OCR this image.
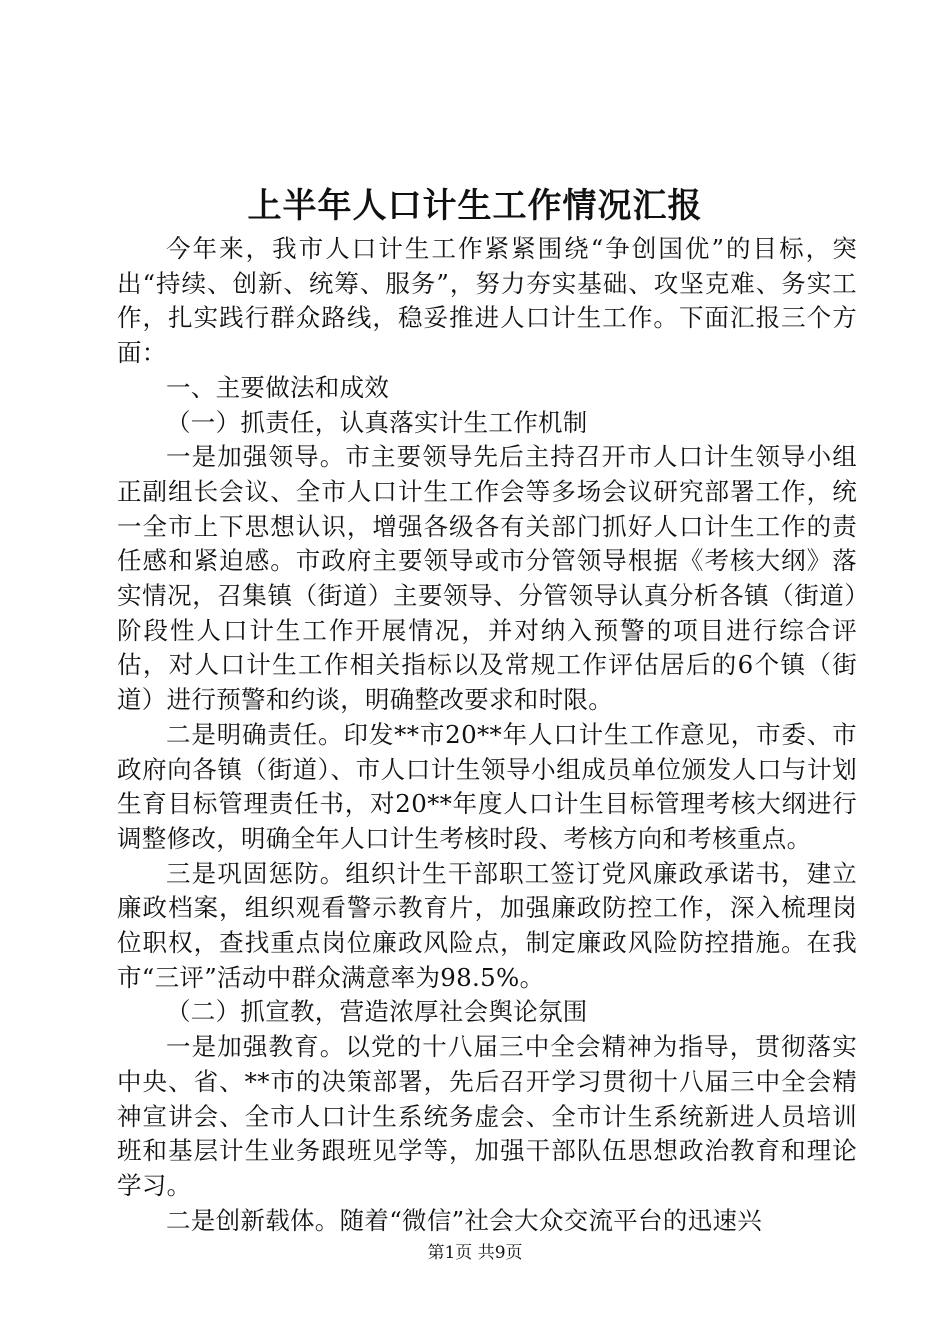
上半年人口计生工作情况汇报

今年来，我市人口计生工作紧紧围绕“争创国优”的目标，突出“持续、创新、统筹、服务”，努力夯实基础、攻坚克难、务实工作，扎实践行群众路线，稳妥推进人口计生工作。下面汇报三个方面：

一、主要做法和成效

（一）抓责任，认真落实计生工作机制

一是加强领导。市主要领导先后主持召开市人口计生领导小组正副组长会议、全市人口计生工作会等多场会议研究部署工作，统一全市上下思想认识，增强各级各有关部门抓好人口计生工作的责任感和紧迫感。市政府主要领导或市分管领导根据《考核大纲》落实情况，召集镇（街道）主要领导、分管领导认真分析各镇（街道）阶段性人口计生工作开展情况，并对纳入预警的项目进行综合评估，对人口计生工作相关指标以及常规工作评估居后的6个镇（街道）进行预警和约谈，明确整改要求和时限。

二是明确责任。印发**市20**年人口计生工作意见，市委、市政府向各镇（街道）、市人口计生领导小组成员单位颁发人口与计划生育目标管理责任书，对20**年度人口计生目标管理考核大纲进行调整修改，明确全年人口计生考核时段、考核方向和考核重点。

三是巩固惩防。组织计生干部职工签订党风廉政承诺书，建立廉政档案，组织观看警示教育片，加强廉政防控工作，深入梳理岗位职权，查找重点岗位廉政风险点，制定廉政风险防控措施。在我市“三评”活动中群众满意率为98.5%。

（二）抓宣教，营造浓厚社会舆论氛围

一是加强教育。以党的十八届三中全会精神为指导，贯彻落实中央、省、**市的决策部署，先后召开学习贯彻十八届三中全会精神宣讲会、全市人口计生系统务虚会、全市计生系统新进人员培训班和基层计生业务跟班见学等，加强干部队伍思想政治教育和理论学习。

二是创新载体。随着“微信”社会大众交流平台的迅速兴

第1页 共9页
